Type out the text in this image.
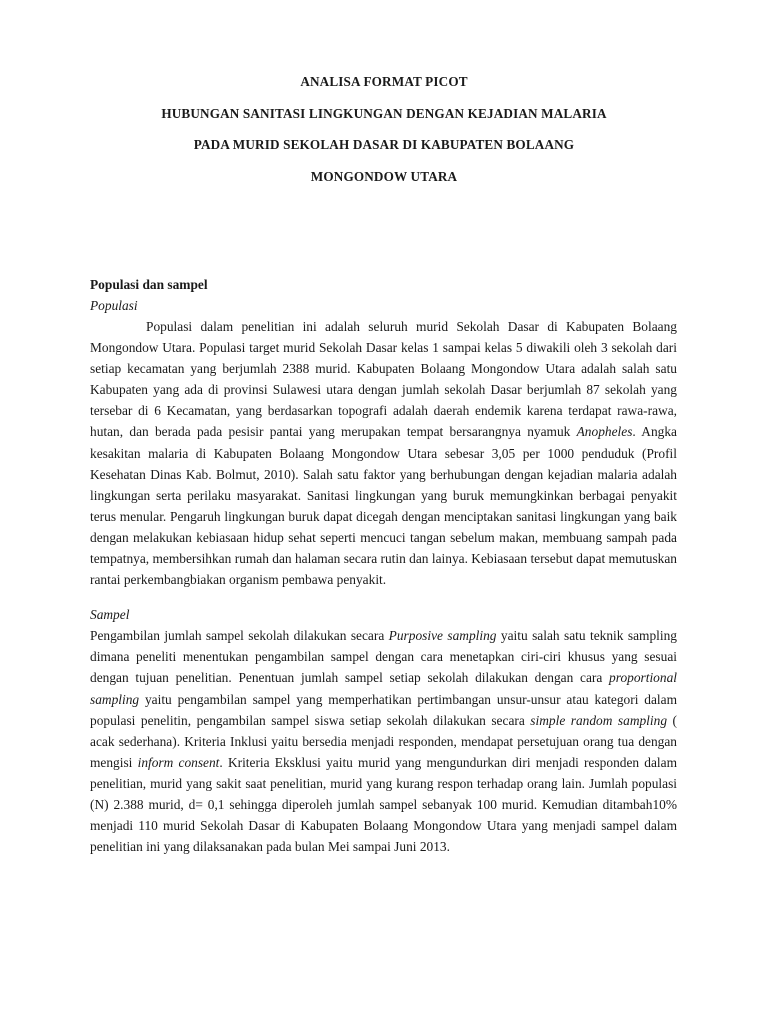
ANALISA FORMAT PICOT
HUBUNGAN SANITASI LINGKUNGAN DENGAN KEJADIAN MALARIA
PADA MURID SEKOLAH DASAR DI KABUPATEN BOLAANG
MONGONDOW UTARA
Populasi dan sampel
Populasi

Populasi dalam penelitian ini adalah seluruh murid Sekolah Dasar di Kabupaten Bolaang Mongondow Utara. Populasi target murid Sekolah Dasar kelas 1 sampai kelas 5 diwakili oleh 3 sekolah dari setiap kecamatan yang berjumlah 2388 murid. Kabupaten Bolaang Mongondow Utara adalah salah satu Kabupaten yang ada di provinsi Sulawesi utara dengan jumlah sekolah Dasar berjumlah 87 sekolah yang tersebar di 6 Kecamatan, yang berdasarkan topografi adalah daerah endemik karena terdapat rawa-rawa, hutan, dan berada pada pesisir pantai yang merupakan tempat bersarangnya nyamuk Anopheles. Angka kesakitan malaria di Kabupaten Bolaang Mongondow Utara sebesar 3,05 per 1000 penduduk (Profil Kesehatan Dinas Kab. Bolmut, 2010). Salah satu faktor yang berhubungan dengan kejadian malaria adalah lingkungan serta perilaku masyarakat. Sanitasi lingkungan yang buruk memungkinkan berbagai penyakit terus menular. Pengaruh lingkungan buruk dapat dicegah dengan menciptakan sanitasi lingkungan yang baik dengan melakukan kebiasaan hidup sehat seperti mencuci tangan sebelum makan, membuang sampah pada tempatnya, membersihkan rumah dan halaman secara rutin dan lainya. Kebiasaan tersebut dapat memutuskan rantai perkembangbiakan organism pembawa penyakit.

Sampel

Pengambilan jumlah sampel sekolah dilakukan secara Purposive sampling yaitu salah satu teknik sampling dimana peneliti menentukan pengambilan sampel dengan cara menetapkan ciri-ciri khusus yang sesuai dengan tujuan penelitian. Penentuan jumlah sampel setiap sekolah dilakukan dengan cara proportional sampling yaitu pengambilan sampel yang memperhatikan pertimbangan unsur-unsur atau kategori dalam populasi penelitin, pengambilan sampel siswa setiap sekolah dilakukan secara simple random sampling ( acak sederhana). Kriteria Inklusi yaitu bersedia menjadi responden, mendapat persetujuan orang tua dengan mengisi inform consent. Kriteria Eksklusi yaitu murid yang mengundurkan diri menjadi responden dalam penelitian, murid yang sakit saat penelitian, murid yang kurang respon terhadap orang lain. Jumlah populasi (N) 2.388 murid, d= 0,1 sehingga diperoleh jumlah sampel sebanyak 100 murid. Kemudian ditambah10% menjadi 110 murid Sekolah Dasar di Kabupaten Bolaang Mongondow Utara yang menjadi sampel dalam penelitian ini yang dilaksanakan pada bulan Mei sampai Juni 2013.
